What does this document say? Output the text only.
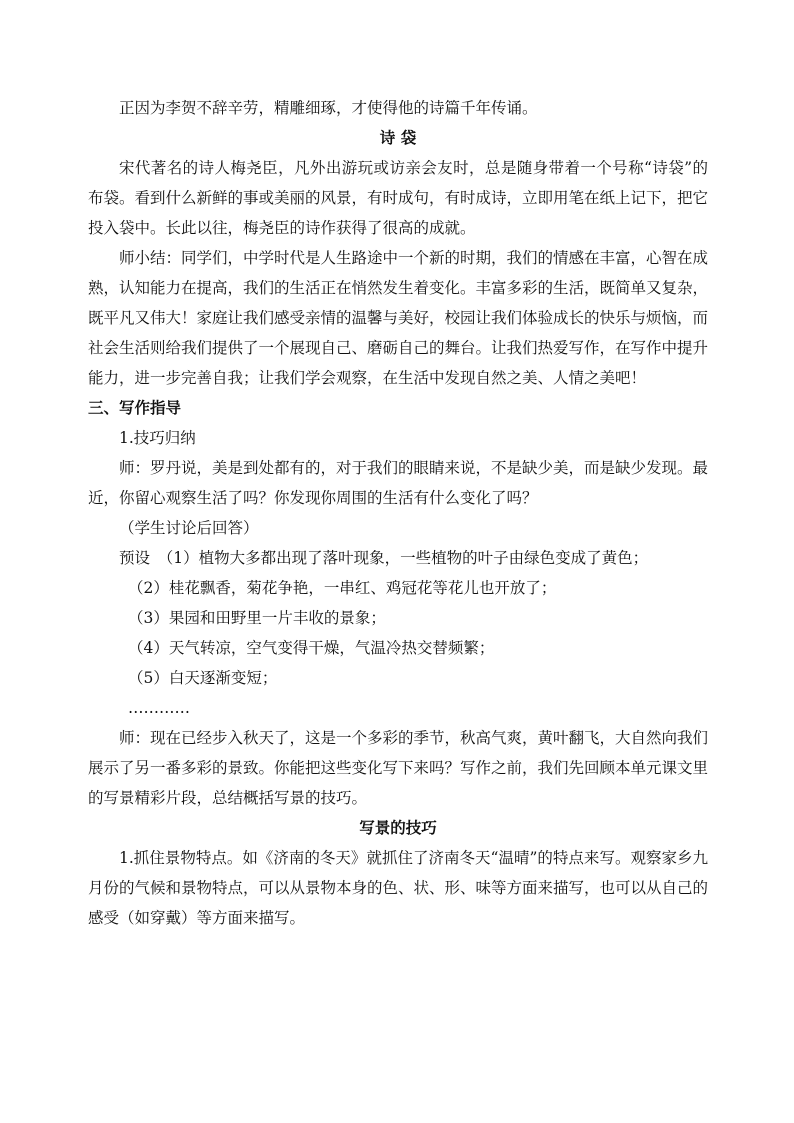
正因为李贺不辞辛劳，精雕细琢，才使得他的诗篇千年传诵。

诗 袋

宋代著名的诗人梅尧臣，凡外出游玩或访亲会友时，总是随身带着一个号称“诗袋”的布袋。看到什么新鲜的事或美丽的风景，有时成句，有时成诗，立即用笔在纸上记下，把它投入袋中。长此以往，梅尧臣的诗作获得了很高的成就。

师小结：同学们，中学时代是人生路途中一个新的时期，我们的情感在丰富，心智在成熟，认知能力在提高，我们的生活正在悄然发生着变化。丰富多彩的生活，既简单又复杂，既平凡又伟大！家庭让我们感受亲情的温馨与美好，校园让我们体验成长的快乐与烦恼，而社会生活则给我们提供了一个展现自己、磨砺自己的舞台。让我们热爱写作，在写作中提升能力，进一步完善自我；让我们学会观察，在生活中发现自然之美、人情之美吧！

三、写作指导

1.技巧归纳

师：罗丹说，美是到处都有的，对于我们的眼睛来说，不是缺少美，而是缺少发现。最近，你留心观察生活了吗？你发现你周围的生活有什么变化了吗？

（学生讨论后回答）

预设　（1）植物大多都出现了落叶现象，一些植物的叶子由绿色变成了黄色；

（2）桂花飘香，菊花争艳，一串红、鸡冠花等花儿也开放了；

（3）果园和田野里一片丰收的景象；

（4）天气转凉，空气变得干燥，气温冷热交替频繁；

（5）白天逐渐变短；

…………

师：现在已经步入秋天了，这是一个多彩的季节，秋高气爽，黄叶翻飞，大自然向我们展示了另一番多彩的景致。你能把这些变化写下来吗？写作之前，我们先回顾本单元课文里的写景精彩片段，总结概括写景的技巧。

写景的技巧

1.抓住景物特点。如《济南的冬天》就抓住了济南冬天“温晴”的特点来写。观察家乡九月份的气候和景物特点，可以从景物本身的色、状、形、味等方面来描写，也可以从自己的感受（如穿戴）等方面来描写。
